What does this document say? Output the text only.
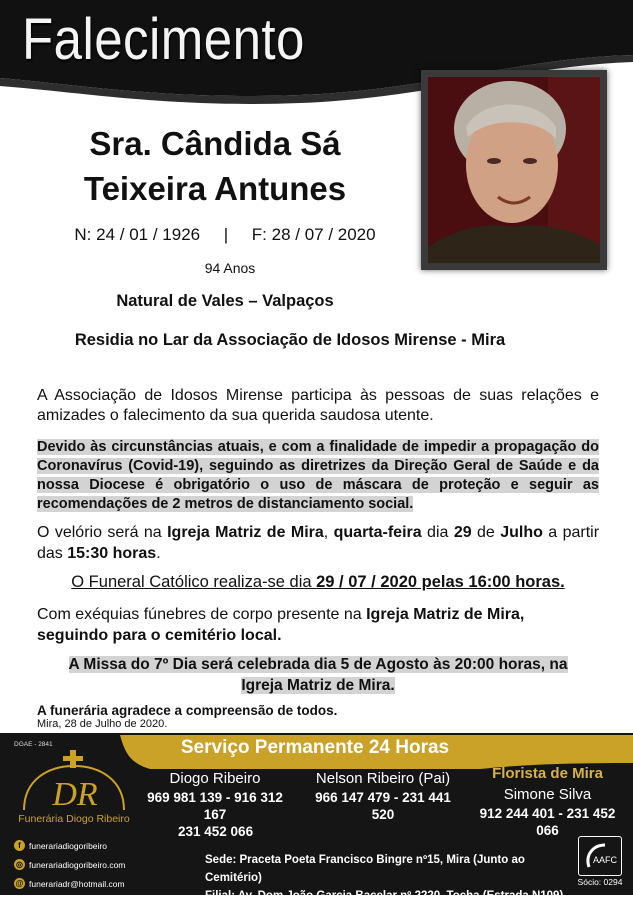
Falecimento
Sra. Cândida Sá
Teixeira Antunes
N: 24 / 01 / 1926 | F: 28 / 07 / 2020
94 Anos
Natural de Vales – Valpaços
Residia no Lar da Associação de Idosos Mirense - Mira
A Associação de Idosos Mirense participa às pessoas de suas relações e amizades o falecimento da sua querida saudosa utente.
Devido às circunstâncias atuais, e com a finalidade de impedir a propagação do Coronavírus (Covid-19), seguindo as diretrizes da Direção Geral de Saúde e da nossa Diocese é obrigatório o uso de máscara de proteção e seguir as recomendações de 2 metros de distanciamento social.
O velório será na Igreja Matriz de Mira, quarta-feira dia 29 de Julho a partir das 15:30 horas.
O Funeral Católico realiza-se dia 29 / 07 / 2020 pelas 16:00 horas.
Com exéquias fúnebres de corpo presente na Igreja Matriz de Mira,
seguindo para o cemitério local.
A Missa do 7º Dia será celebrada dia 5 de Agosto às 20:00 horas, na
Igreja Matriz de Mira.
A funerária agradece a compreensão de todos.
Mira, 28 de Julho de 2020.
DGAE - 2841	Serviço Permanente 24 Horas
DR
Funerária Diogo Ribeiro
f funerariadiogoribeiro
◎ funerariadiogoribeiro.com
@ funerariadr@hotmail.com
Diogo Ribeiro
969 981 139 - 916 312 167
231 452 066
Nelson Ribeiro (Pai)
966 147 479 - 231 441 520
Florista de Mira
Simone Silva
912 244 401 - 231 452 066
Sede: Praceta Poeta Francisco Bingre nº15, Mira (Junto ao Cemitério)
Filial: Av. Dom João Garcia Bacelar nº 2220, Tocha (Estrada N109)
AAFC
Sócio: 0294
